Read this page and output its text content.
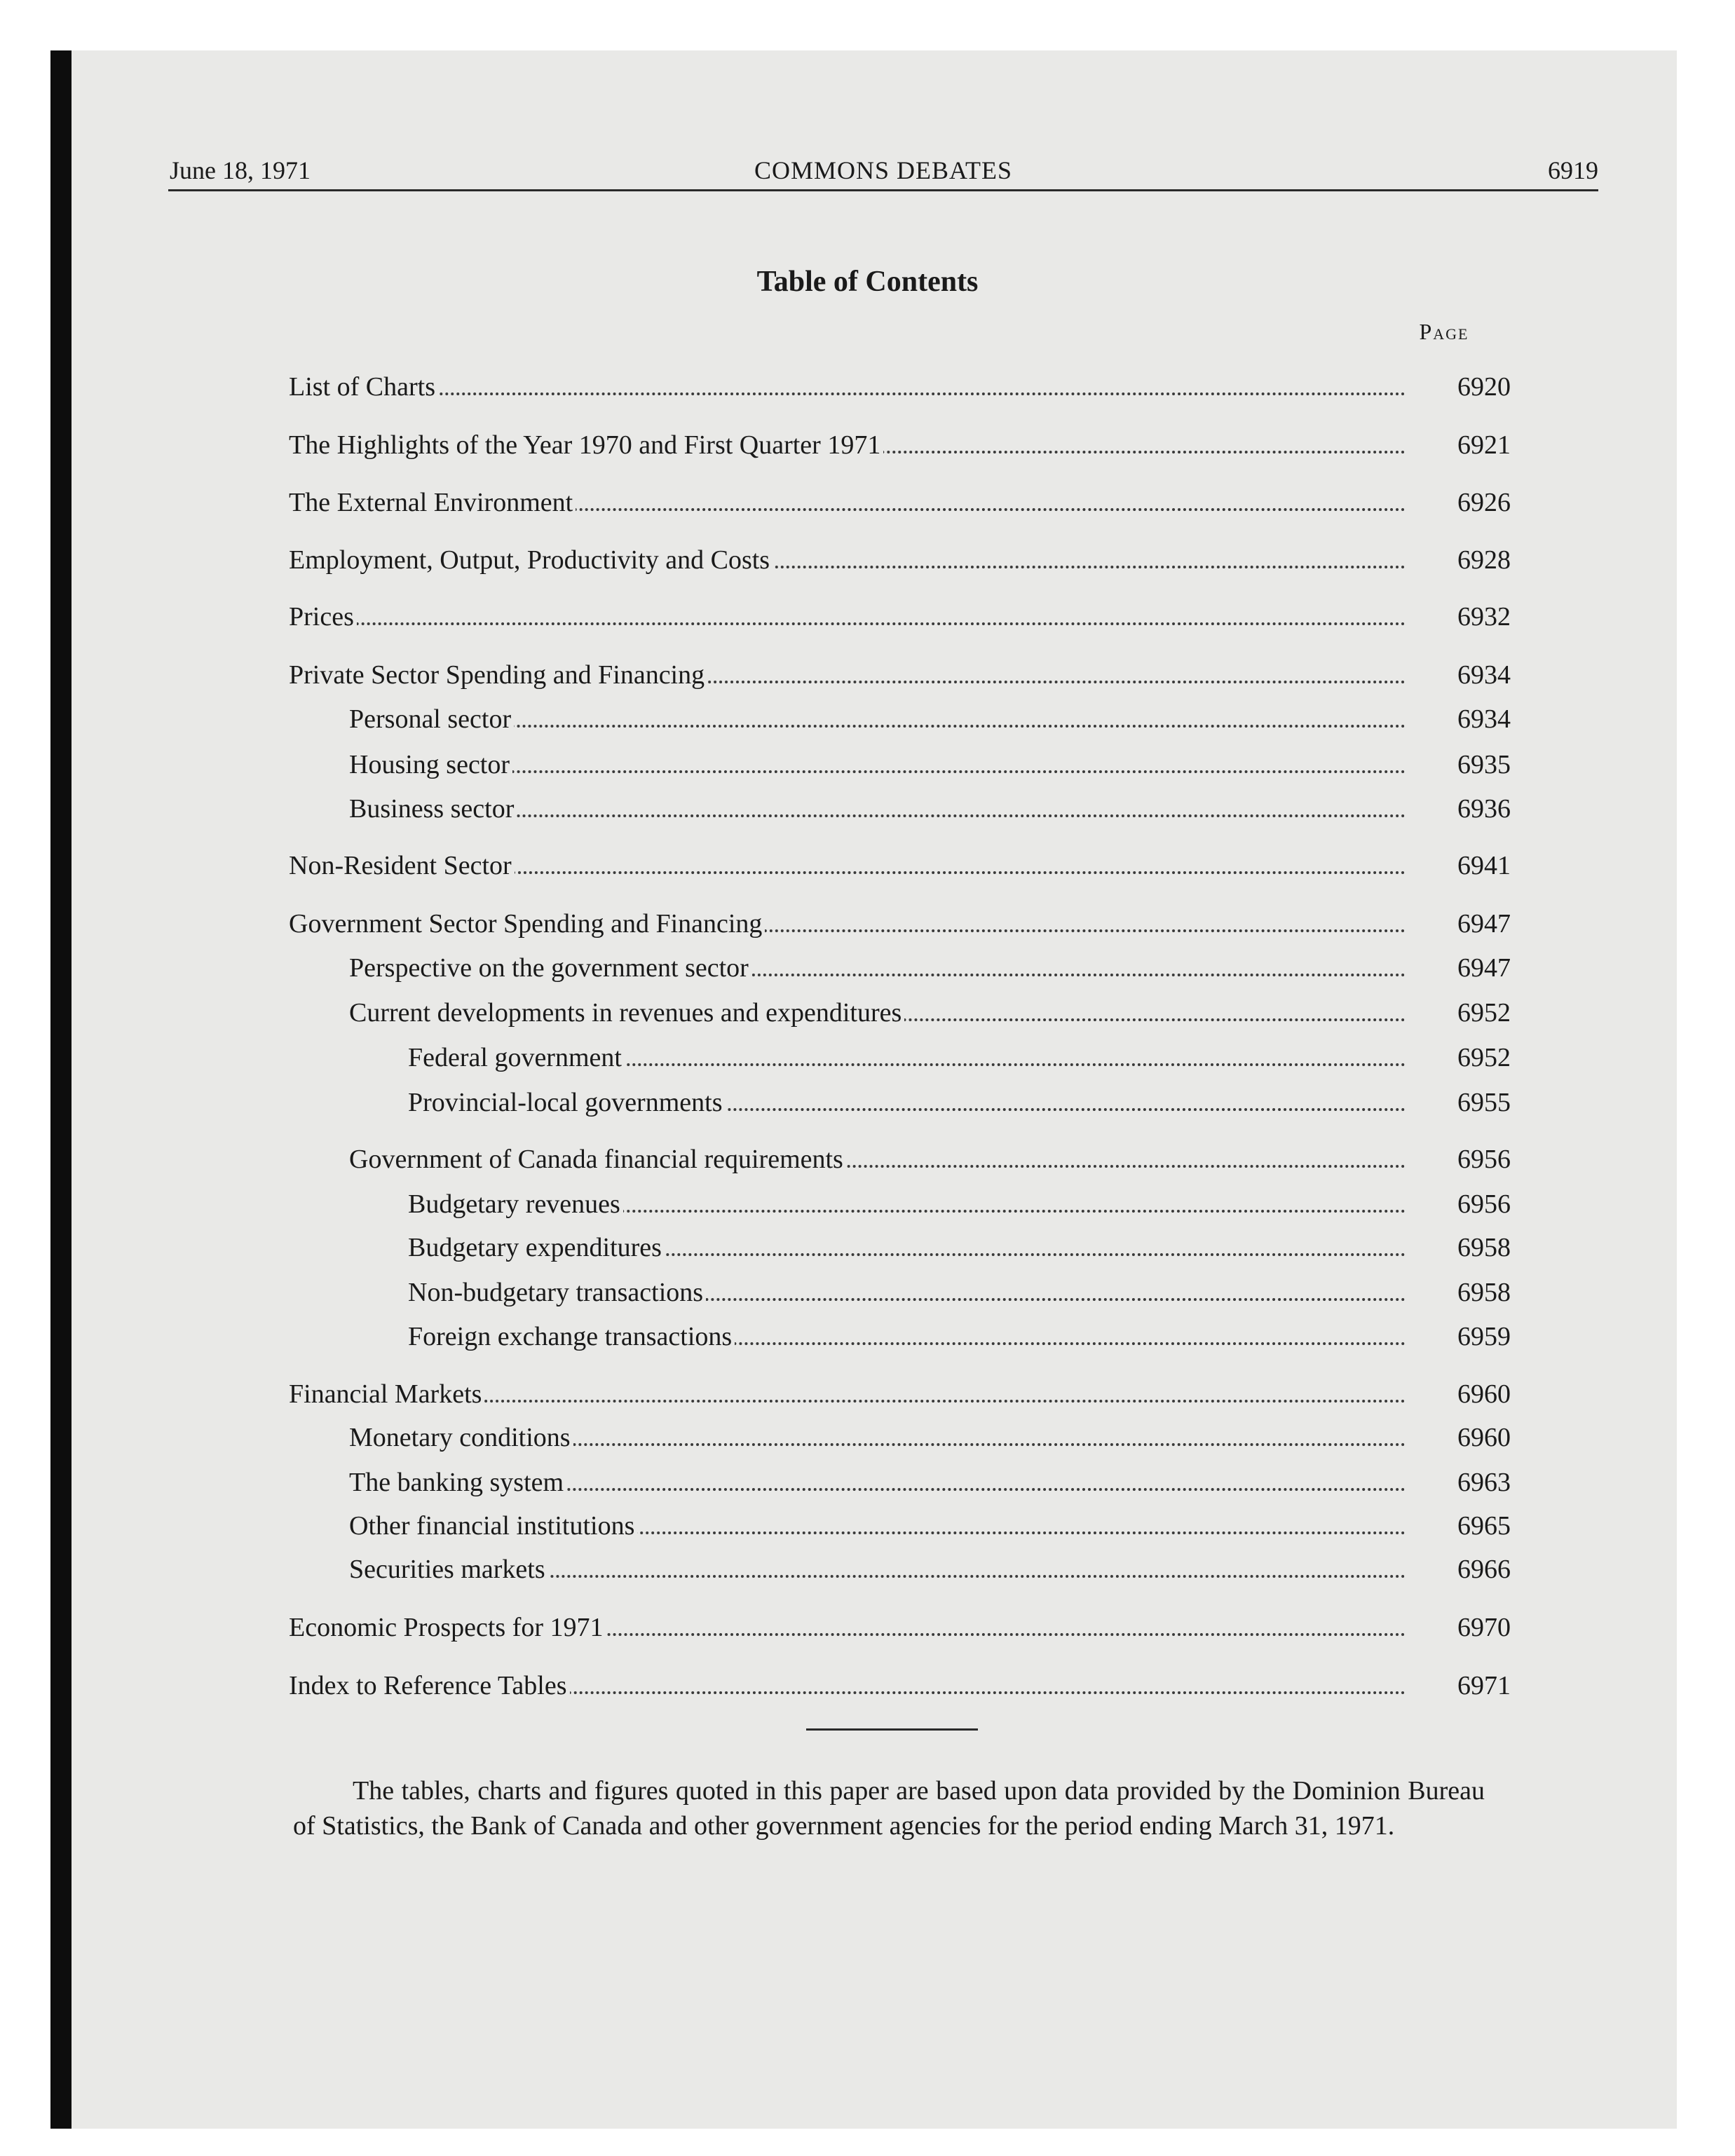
June 18, 1971	COMMONS DEBATES	6919
Table of Contents
Page
List of Charts	6920
The Highlights of the Year 1970 and First Quarter 1971	6921
The External Environment	6926
Employment, Output, Productivity and Costs	6928
Prices	6932
Private Sector Spending and Financing	6934
Personal sector	6934
Housing sector	6935
Business sector	6936
Non-Resident Sector	6941
Government Sector Spending and Financing	6947
Perspective on the government sector	6947
Current developments in revenues and expenditures	6952
Federal government	6952
Provincial-local governments	6955
Government of Canada financial requirements	6956
Budgetary revenues	6956
Budgetary expenditures	6958
Non-budgetary transactions	6958
Foreign exchange transactions	6959
Financial Markets	6960
Monetary conditions	6960
The banking system	6963
Other financial institutions	6965
Securities markets	6966
Economic Prospects for 1971	6970
Index to Reference Tables	6971
The tables, charts and figures quoted in this paper are based upon data provided by the Dominion Bureau of Statistics, the Bank of Canada and other government agencies for the period ending March 31, 1971.
